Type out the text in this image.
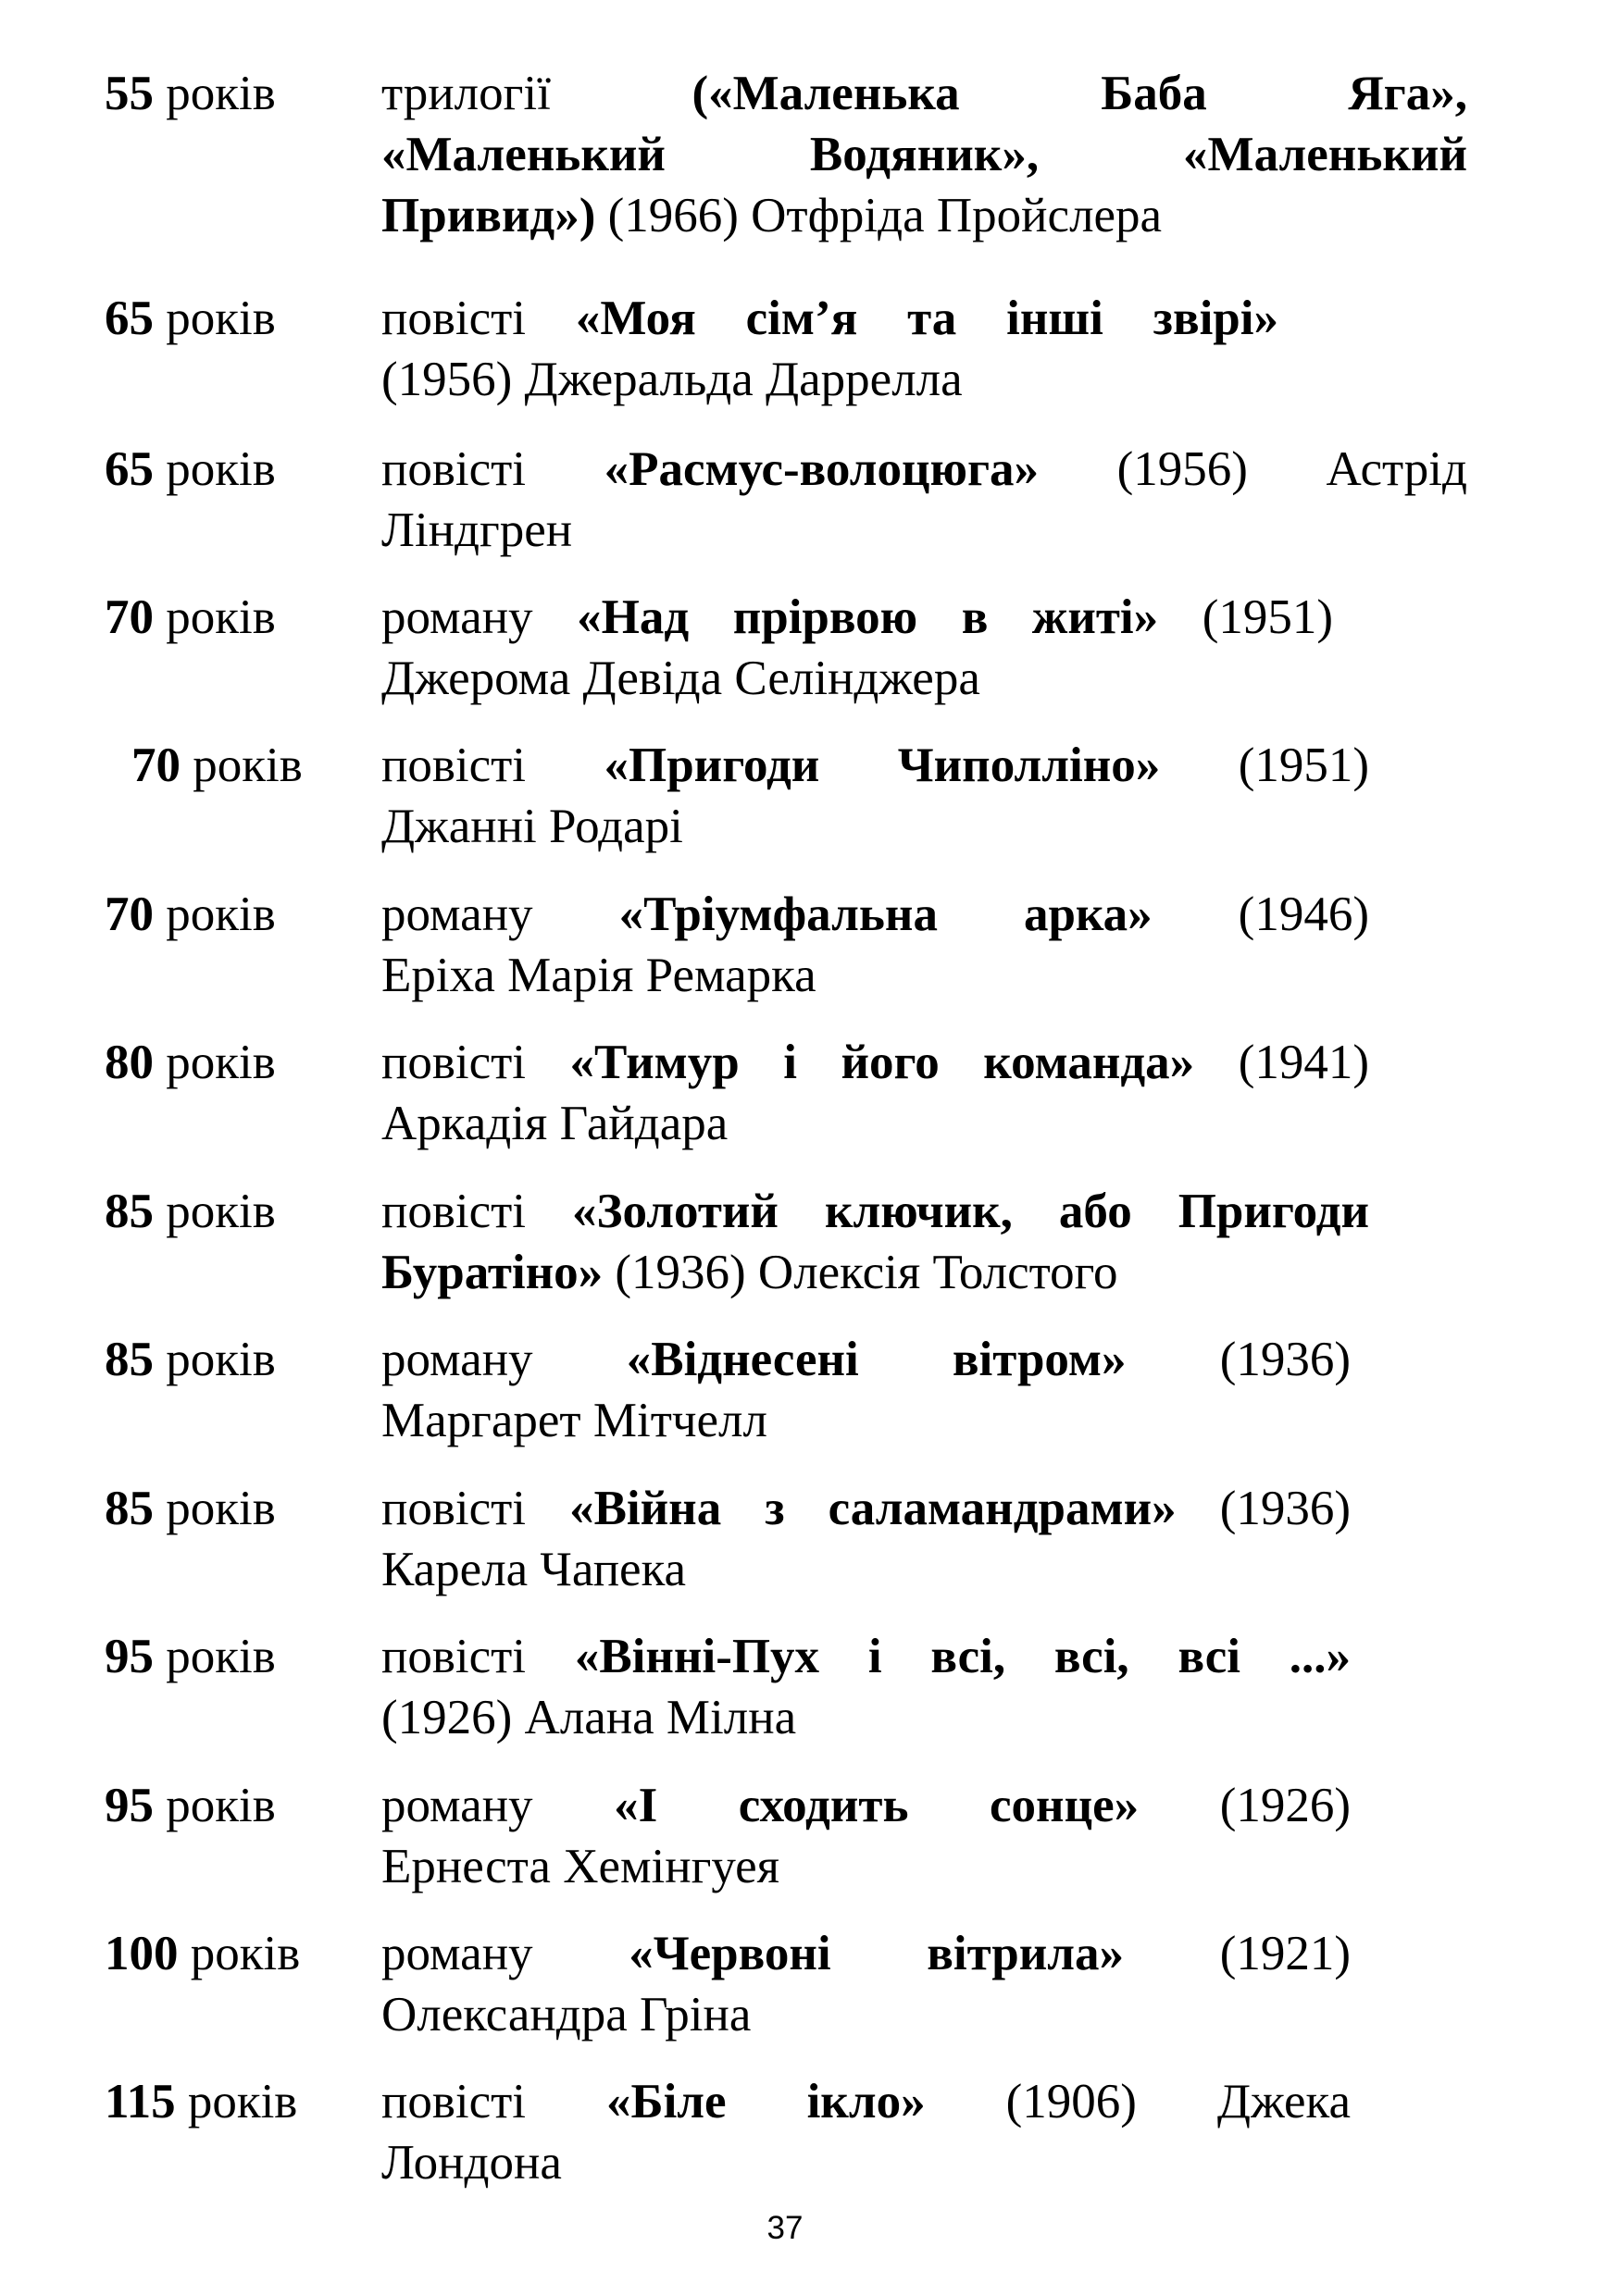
55 років трилогії («Маленька Баба Яга»,
«Маленький Водяник», «Маленький
Привид») (1966) Отфріда Пройслера
65 років повісті «Моя сім’я та інші звірі»
(1956) Джеральда Даррелла
65 років повісті «Расмус-волоцюга» (1956) Астрід
Ліндгрен
70 років роману «Над прірвою в житі» (1951)
Джерома Девіда Селінджера
70 років повісті «Пригоди Чиполліно» (1951)
Джанні Родарі
70 років роману «Тріумфальна арка» (1946)
Еріха Марія Ремарка
80 років повісті «Тимур і його команда» (1941)
Аркадія Гайдара
85 років повісті «Золотий ключик, або Пригоди
Буратіно» (1936) Олексія Толстого
85 років роману «Віднесені вітром» (1936)
Маргарет Мітчелл
85 років повісті «Війна з саламандрами» (1936)
Карела Чапека
95 років повісті «Вінні-Пух і всі, всі, всі ...»
(1926) Алана Мілна
95 років роману «І сходить сонце» (1926)
Ернеста Хемінгуея
100 років роману «Червоні вітрила» (1921)
Олександра Гріна
115 років повісті «Біле ікло» (1906) Джека
Лондона
37
